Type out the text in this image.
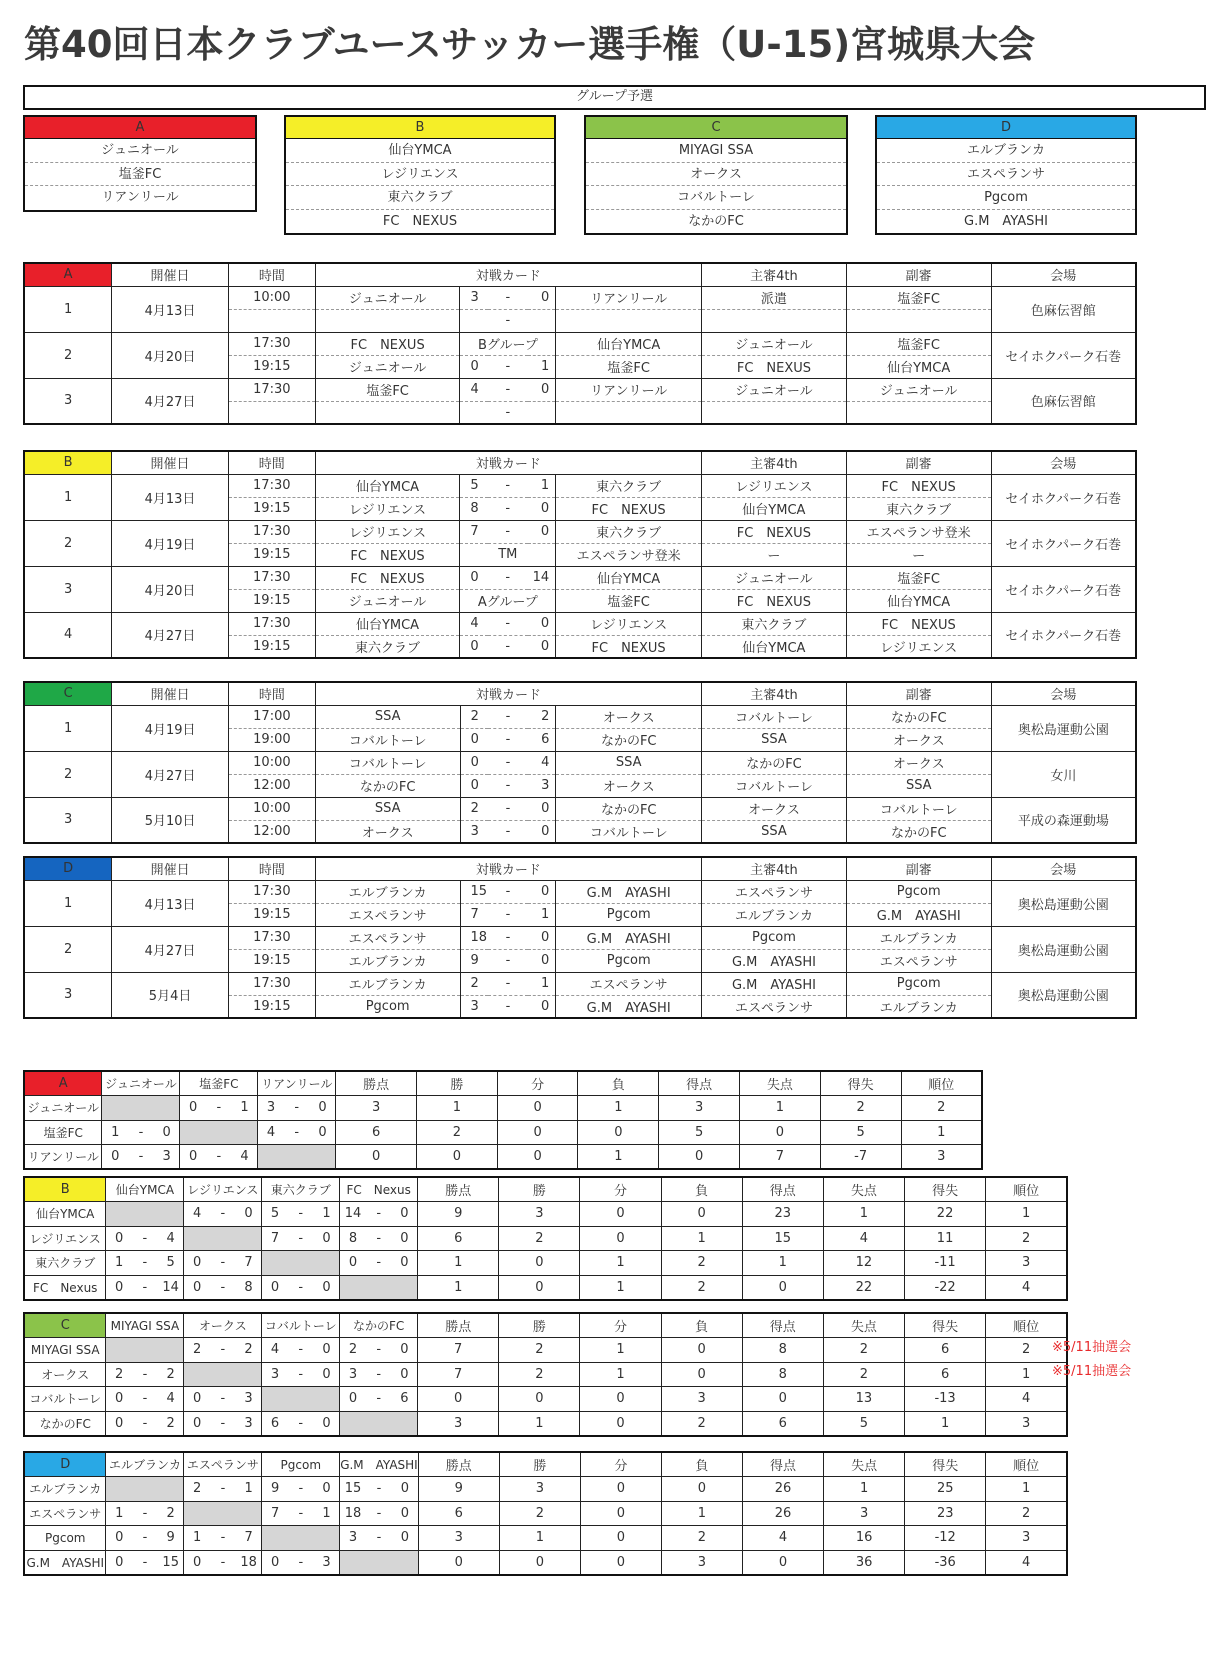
第40回日本クラブユースサッカー選手権（U-15)宮城県大会
グループ予選
A
ジュニオール
塩釜FC
リアンリール
B
仙台YMCA
レジリエンス
東六クラブ
FC　NEXUS
C
MIYAGI SSA
オークス
コバルトーレ
なかのFC
D
エルブランカ
エスペランサ
Pgcom
G.M　AYASHI
A	開催日	時間	対戦カード					主審4th	副審	会場
1	4月13日	10:00	ジュニオール	3	-	0	リアンリール	派遣	塩釜FC	色麻伝習館
					-					
2	4月20日	17:30	FC　NEXUS	Bグループ			仙台YMCA	ジュニオール	塩釜FC	セイホクパーク石巻
		19:15	ジュニオール	0	-	1	塩釜FC	FC　NEXUS	仙台YMCA	
3	4月27日	17:30	塩釜FC	4	-	0	リアンリール	ジュニオール	ジュニオール	色麻伝習館
					-					
B	開催日	時間	対戦カード					主審4th	副審	会場
1	4月13日	17:30	仙台YMCA	5	-	1	東六クラブ	レジリエンス	FC　NEXUS	セイホクパーク石巻
		19:15	レジリエンス	8	-	0	FC　NEXUS	仙台YMCA	東六クラブ	
2	4月19日	17:30	レジリエンス	7	-	0	東六クラブ	FC　NEXUS	エスペランサ登米	セイホクパーク石巻
		19:15	FC　NEXUS	TM			エスペランサ登米	ー	ー	
3	4月20日	17:30	FC　NEXUS	0	-	14	仙台YMCA	ジュニオール	塩釜FC	セイホクパーク石巻
		19:15	ジュニオール	Aグループ			塩釜FC	FC　NEXUS	仙台YMCA	
4	4月27日	17:30	仙台YMCA	4	-	0	レジリエンス	東六クラブ	FC　NEXUS	セイホクパーク石巻
		19:15	東六クラブ	0	-	0	FC　NEXUS	仙台YMCA	レジリエンス	
C	開催日	時間	対戦カード					主審4th	副審	会場
1	4月19日	17:00	SSA	2	-	2	オークス	コバルトーレ	なかのFC	奥松島運動公園
		19:00	コバルトーレ	0	-	6	なかのFC	SSA	オークス	
2	4月27日	10:00	コバルトーレ	0	-	4	SSA	なかのFC	オークス	女川
		12:00	なかのFC	0	-	3	オークス	コバルトーレ	SSA	
3	5月10日	10:00	SSA	2	-	0	なかのFC	オークス	コバルトーレ	平成の森運動場
		12:00	オークス	3	-	0	コバルトーレ	SSA	なかのFC	
D	開催日	時間	対戦カード					主審4th	副審	会場
1	4月13日	17:30	エルブランカ	15	-	0	G.M　AYASHI	エスペランサ	Pgcom	奥松島運動公園
		19:15	エスペランサ	7	-	1	Pgcom	エルブランカ	G.M　AYASHI	
2	4月27日	17:30	エスペランサ	18	-	0	G.M　AYASHI	Pgcom	エルブランカ	奥松島運動公園
		19:15	エルブランカ	9	-	0	Pgcom	G.M　AYASHI	エスペランサ	
3	5月4日	17:30	エルブランカ	2	-	1	エスペランサ	G.M　AYASHI	Pgcom	奥松島運動公園
		19:15	Pgcom	3	-	0	G.M　AYASHI	エスペランサ	エルブランカ	
A	ジュニオール			塩釜FC			リアンリール			勝点	勝	分	負	得点	失点	得失	順位
ジュニオール				0	-	1	3	-	0	3	1	0	1	3	1	2	2
塩釜FC	1	-	0				4	-	0	6	2	0	0	5	0	5	1
リアンリール	0	-	3	0	-	4				0	0	0	1	0	7	-7	3
B	仙台YMCA			レジリエンス			東六クラブ			FC　Nexus			勝点	勝	分	負	得点	失点	得失	順位
仙台YMCA				4	-	0	5	-	1	14	-	0	9	3	0	0	23	1	22	1
レジリエンス	0	-	4				7	-	0	8	-	0	6	2	0	1	15	4	11	2
東六クラブ	1	-	5	0	-	7				0	-	0	1	0	1	2	1	12	-11	3
FC　Nexus	0	-	14	0	-	8	0	-	0				1	0	1	2	0	22	-22	4
C	MIYAGI SSA			オークス			コバルトーレ			なかのFC			勝点	勝	分	負	得点	失点	得失	順位
MIYAGI SSA				2	-	2	4	-	0	2	-	0	7	2	1	0	8	2	6	2
オークス	2	-	2				3	-	0	3	-	0	7	2	1	0	8	2	6	1
コバルトーレ	0	-	4	0	-	3				0	-	6	0	0	0	3	0	13	-13	4
なかのFC	0	-	2	0	-	3	6	-	0				3	1	0	2	6	5	1	3
D	エルブランカ			エスペランサ			Pgcom			G.M　AYASHI			勝点	勝	分	負	得点	失点	得失	順位
エルブランカ				2	-	1	9	-	0	15	-	0	9	3	0	0	26	1	25	1
エスペランサ	1	-	2				7	-	1	18	-	0	6	2	0	1	26	3	23	2
Pgcom	0	-	9	1	-	7				3	-	0	3	1	0	2	4	16	-12	3
G.M　AYASHI	0	-	15	0	-	18	0	-	3				0	0	0	3	0	36	-36	4
※5/11抽選会
※5/11抽選会
